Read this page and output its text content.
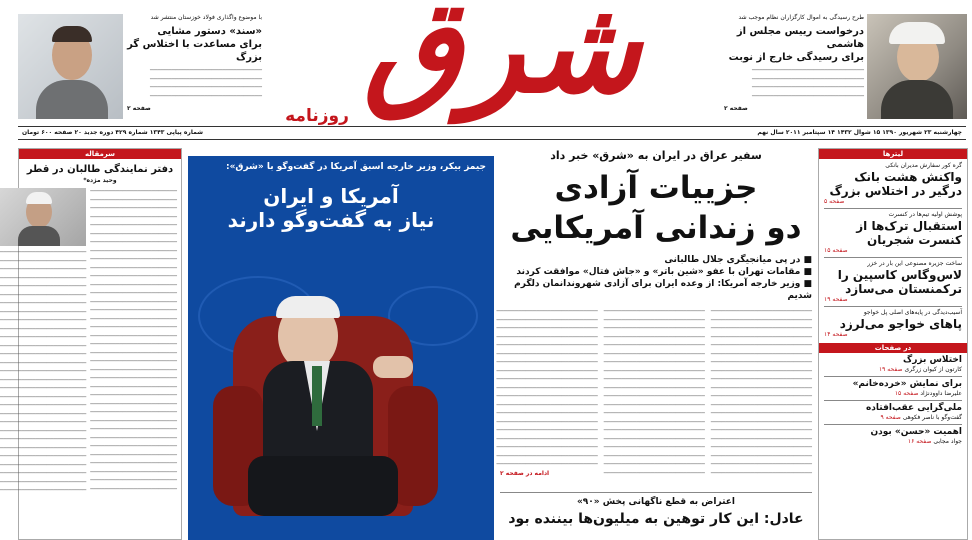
شرق
روزنامه
طرح رسیدگی به اموال کارگزاران نظام موجب شد
درخواست رییس مجلس از هاشمی
برای رسیدگی خارج از نوبت
─────────────────────────────── ─────────────────────────────── ─────────────────────────────── ───────────────────────────────
صفحه ۲
با موضوع واگذاری فولاد خوزستان منتشر شد
«سند» دستور مشایی
برای مساعدت با اختلاس گر بزرگ
─────────────────────────────── ─────────────────────────────── ─────────────────────────────── ───────────────────────────────
صفحه ۲
چهارشنبه ۲۳ شهریور ۱۳۹۰ ۱۵ شوال ۱۴۳۲ ۱۴ سپتامبر ۲۰۱۱ سال نهم
شماره پیاپی ۱۳۴۳ شماره ۴۲۹ دوره جدید ۲۰ صفحه ۶۰۰ تومان
لیترها
گره کور سفارش مدیران بانکی
واکنش هشت بانک درگیر در اختلاس بزرگ
صفحه ۵
پوشش اولیه تیم‌ها در کنسرت
استقبال ترک‌ها از کنسرت شجریان
صفحه ۱۵
ساخت جزیره مصنوعی این بار در خزر
لاس‌وگاس کاسپین را ترکمنستان می‌سازد
صفحه ۱۹
آسیب‌دیدگی در پایه‌های اصلی پل خواجو
پاهای خواجو می‌لرزد
صفحه ۱۴
در صفحات
اختلاس بزرگ
کارتون از کیوان زرگری صفحه ۱۹
برای نمایش «خرده‌خانم»
علیرضا داوودنژاد صفحه ۱۵
ملی‌گرایی عقب‌افتاده
گفت‌وگو با ناصر فکوهی صفحه ۹
اهمیت «حسن» بودن
جواد مجابی صفحه ۱۶
سفیر عراق در ایران به «شرق» خبر داد
جزییات آزادی
دو زندانی آمریکایی
■ در پی میانجیگری جلال طالبانی
■ مقامات تهران با عفو «شین باتر» و «جاش فتال» موافقت کردند
■ وزیر خارجه آمریکا: از وعده ایران برای آزادی شهروندانمان دلگرم شدیم
──────────────────────────── ──────────────────────────── ──────────────────────────── ──────────────────────────── ──────────────────────────── ──────────────────────────── ──────────────────────────── ──────────────────────────── ──────────────────────────── ──────────────────────────── ──────────────────────────── ──────────────────────────── ──────────────────────────── ──────────────────────────── ──────────────────────────── ──────────────────────────── ──────────────────────────── ──────────────────────────── ──────────────────────────── ────────────────────────────
──────────────────────────── ──────────────────────────── ──────────────────────────── ──────────────────────────── ──────────────────────────── ──────────────────────────── ──────────────────────────── ──────────────────────────── ──────────────────────────── ──────────────────────────── ──────────────────────────── ──────────────────────────── ──────────────────────────── ──────────────────────────── ──────────────────────────── ──────────────────────────── ──────────────────────────── ──────────────────────────── ──────────────────────────── ────────────────────────────
──────────────────────────── ──────────────────────────── ──────────────────────────── ──────────────────────────── ──────────────────────────── ──────────────────────────── ──────────────────────────── ──────────────────────────── ──────────────────────────── ──────────────────────────── ──────────────────────────── ──────────────────────────── ──────────────────────────── ──────────────────────────── ──────────────────────────── ──────────────────────────── ──────────────────────────── ──────────────────────────── ────────────────────────────
ادامه در صفحه ۲
جیمز بیکر، وزیر خارجه اسبق آمریکا در گفت‌وگو با «شرق»:
آمریکا و ایران
نیاز به گفت‌وگو دارند
اعتراض به قطع ناگهانی پخش «۹۰»
عادل: این کار توهین به میلیون‌ها بیننده بود
سرمقاله
دفتر نمایندگی طالبان در قطر
وحید مژده*
──────────────────────── ──────────────────────── ──────────────────────── ──────────────────────── ──────────────────────── ──────────────────────── ──────────────────────── ──────────────────────── ──────────────────────── ──────────────────────── ──────────────────────── ──────────────────────── ──────────────────────── ──────────────────────── ──────────────────────── ──────────────────────── ──────────────────────── ──────────────────────── ──────────────────────── ──────────────────────── ──────────────────────── ──────────────────────── ──────────────────────── ──────────────────────── ──────────────────────── ──────────────────────── ──────────────────────── ──────────────────────── ──────────────────────── ──────────────────────── ──────────────────────── ──────────────────────── ──────────────────────── ──────────────────────── ──────────────────────── ────────────────────────
──────────────────────── ──────────────────────── ──────────────────────── ──────────────────────── ──────────────────────── ──────────────────────── ──────────────────────── ──────────────────────── ──────────────────────── ──────────────────────── ──────────────────────── ──────────────────────── ──────────────────────── ──────────────────────── ──────────────────────── ──────────────────────── ──────────────────────── ──────────────────────── ──────────────────────── ──────────────────────── ──────────────────────── ──────────────────────── ──────────────────────── ──────────────────────── ──────────────────────── ──────────────────────── ──────────────────────── ──────────────────────── ────────────────────────
